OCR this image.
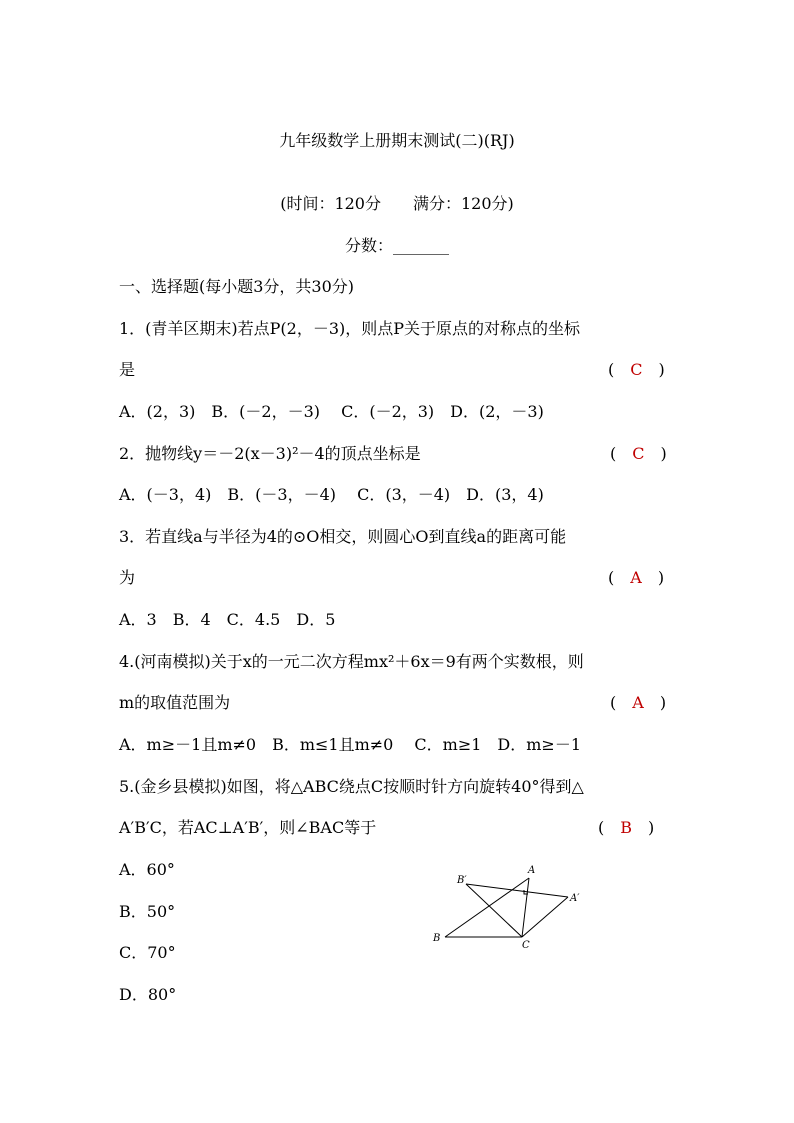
九年级数学上册期末测试(二)(RJ)
(时间：120分　　满分：120分)
分数：_______
一、选择题(每小题3分，共30分)
1．(青羊区期末)若点P(2，－3)，则点P关于原点的对称点的坐标
是	(　C　)
A．(2，3)　B．(－2，－3)　 C．(－2，3)　D．(2，－3)
2．抛物线y＝－2(x－3)²－4的顶点坐标是	(　C　)
A．(－3，4)　B．(－3，－4)　 C．(3，－4)　D．(3，4)
3．若直线a与半径为4的⊙O相交，则圆心O到直线a的距离可能
为	(　A　)
A．3　B．4　C．4.5　D．5
4.(河南模拟)关于x的一元二次方程mx²＋6x＝9有两个实数根，则
m的取值范围为	(　A　)
A．m≥－1且m≠0　B．m≤1且m≠0　 C．m≥1　D．m≥－1
5.(金乡县模拟)如图，将△ABC绕点C按顺时针方向旋转40°得到△
A′B′C，若AC⊥A′B′，则∠BAC等于	(　B　)
A．60°
B．50°
C．70°
D．80°
A
B
C
A′
B′
